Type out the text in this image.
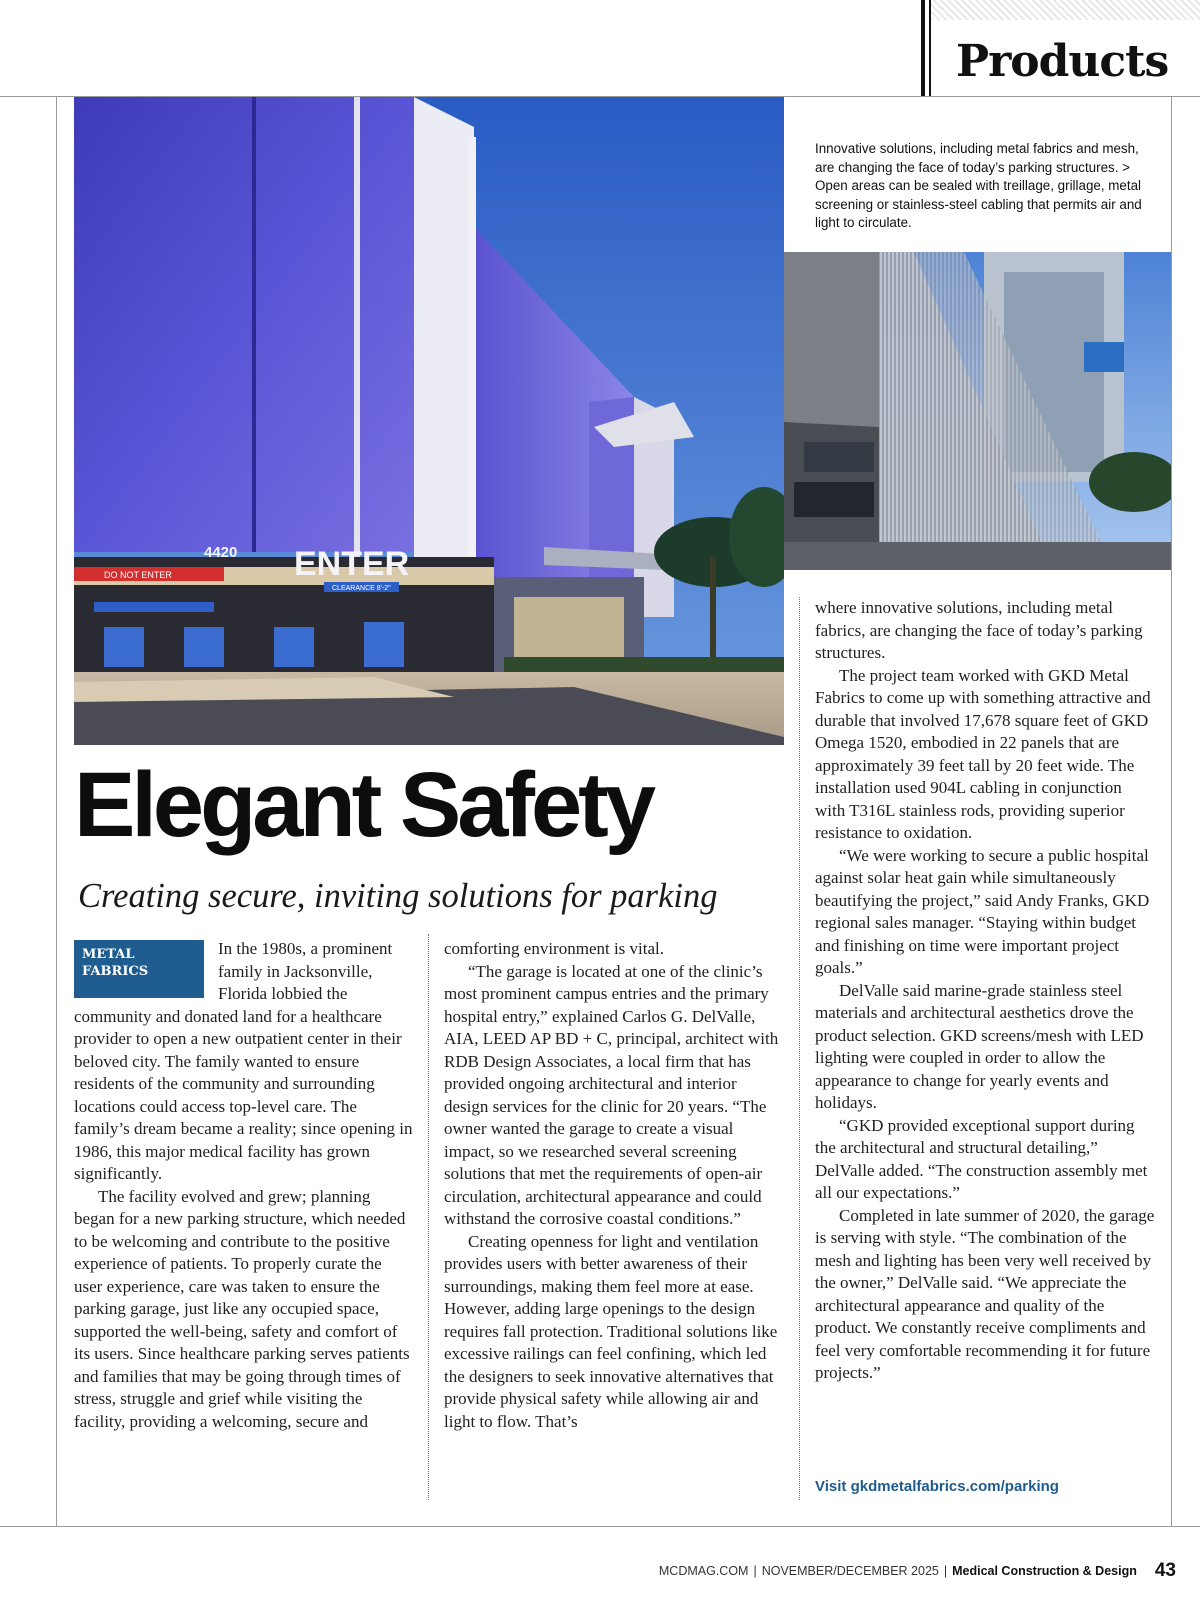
Products
ENTER
4420
DO NOT ENTER
CLEARANCE 8'-2"

Innovative solutions, including metal fabrics and mesh, are changing the face of today’s parking structures. > Open areas can be sealed with treillage, grillage, metal screening or stainless-steel cabling that permits air and light to circulate.

Elegant Safety

Creating secure, inviting solutions for parking

METAL
FABRICS

In the 1980s, a prominent family in Jacksonville, Florida lobbied the community and donated land for a healthcare provider to open a new outpatient center in their beloved city. The family wanted to ensure residents of the community and surrounding locations could access top-level care. The family’s dream became a reality; since opening in 1986, this major medical facility has grown significantly.

The facility evolved and grew; planning began for a new parking structure, which needed to be welcoming and contribute to the positive experience of patients. To properly curate the user experience, care was taken to ensure the parking garage, just like any occupied space, supported the well-being, safety and comfort of its users. Since healthcare parking serves patients and families that may be going through times of stress, struggle and grief while visiting the facility, providing a welcoming, secure and

comforting environment is vital.

“The garage is located at one of the clinic’s most prominent campus entries and the primary hospital entry,” explained Carlos G. DelValle, AIA, LEED AP BD + C, principal, architect with RDB Design Associates, a local firm that has provided ongoing architectural and interior design services for the clinic for 20 years. “The owner wanted the garage to create a visual impact, so we researched several screening solutions that met the requirements of open-air circulation, architectural appearance and could withstand the corrosive coastal conditions.”

Creating openness for light and ventilation provides users with better awareness of their surroundings, making them feel more at ease. However, adding large openings to the design requires fall protection. Traditional solutions like excessive railings can feel confining, which led the designers to seek innovative alternatives that provide physical safety while allowing air and light to flow. That’s

where innovative solutions, including metal fabrics, are changing the face of today’s parking structures.

The project team worked with GKD Metal Fabrics to come up with something attractive and durable that involved 17,678 square feet of GKD Omega 1520, embodied in 22 panels that are approximately 39 feet tall by 20 feet wide. The installation used 904L cabling in conjunction with T316L stainless rods, providing superior resistance to oxidation.

“We were working to secure a public hospital against solar heat gain while simultaneously beautifying the project,” said Andy Franks, GKD regional sales manager. “Staying within budget and finishing on time were important project goals.”

DelValle said marine-grade stainless steel materials and architectural aesthetics drove the product selection. GKD screens/mesh with LED lighting were coupled in order to allow the appearance to change for yearly events and holidays.

“GKD provided exceptional support during the architectural and structural detailing,” DelValle added. “The construction assembly met all our expectations.”

Completed in late summer of 2020, the garage is serving with style. “The combination of the mesh and lighting has been very well received by the owner,” DelValle said. “We appreciate the architectural appearance and quality of the product. We constantly receive compliments and feel very comfortable recommending it for future projects.”

Visit gkdmetalfabrics.com/parking

MCDMAG.COM | NOVEMBER/DECEMBER 2025 | Medical Construction & Design 43
